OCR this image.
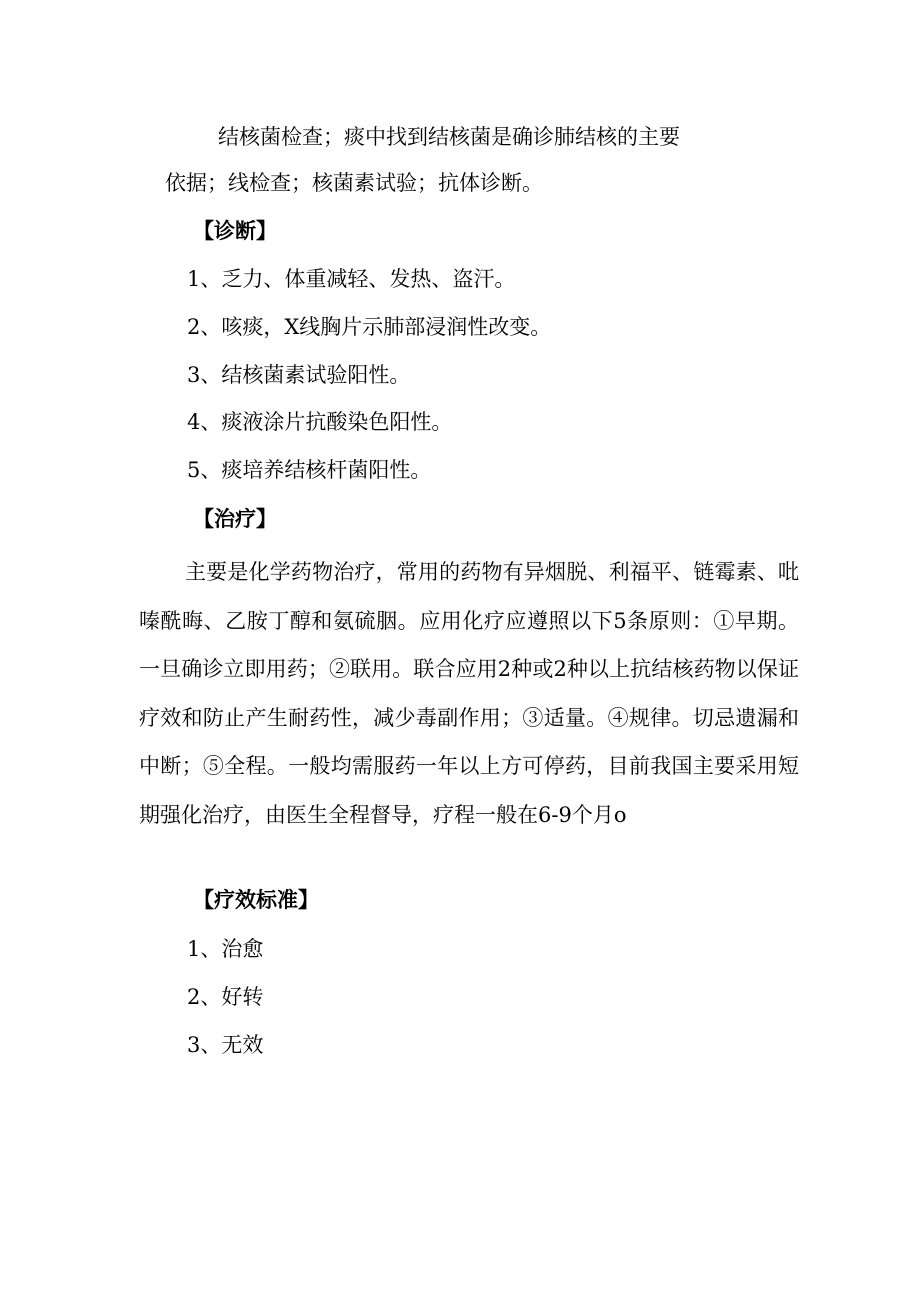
结核菌检查；痰中找到结核菌是确诊肺结核的主要

依据；线检查；核菌素试验；抗体诊断。

【诊断】

1、乏力、体重减轻、发热、盗汗。

2、咳痰，X线胸片示肺部浸润性改变。

3、结核菌素试验阳性。

4、痰液涂片抗酸染色阳性。

5、痰培养结核杆菌阳性。

【治疗】

主要是化学药物治疗，常用的药物有异烟脱、利福平、链霉素、吡嗪酰晦、乙胺丁醇和氨硫胭。应用化疗应遵照以下5条原则：①早期。一旦确诊立即用药；②联用。联合应用2种或2种以上抗结核药物以保证疗效和防止产生耐药性，减少毒副作用；③适量。④规律。切忌遗漏和中断；⑤全程。一般均需服药一年以上方可停药，目前我国主要采用短期强化治疗，由医生全程督导，疗程一般在6-9个月o

【疗效标准】

1、治愈

2、好转

3、无效
